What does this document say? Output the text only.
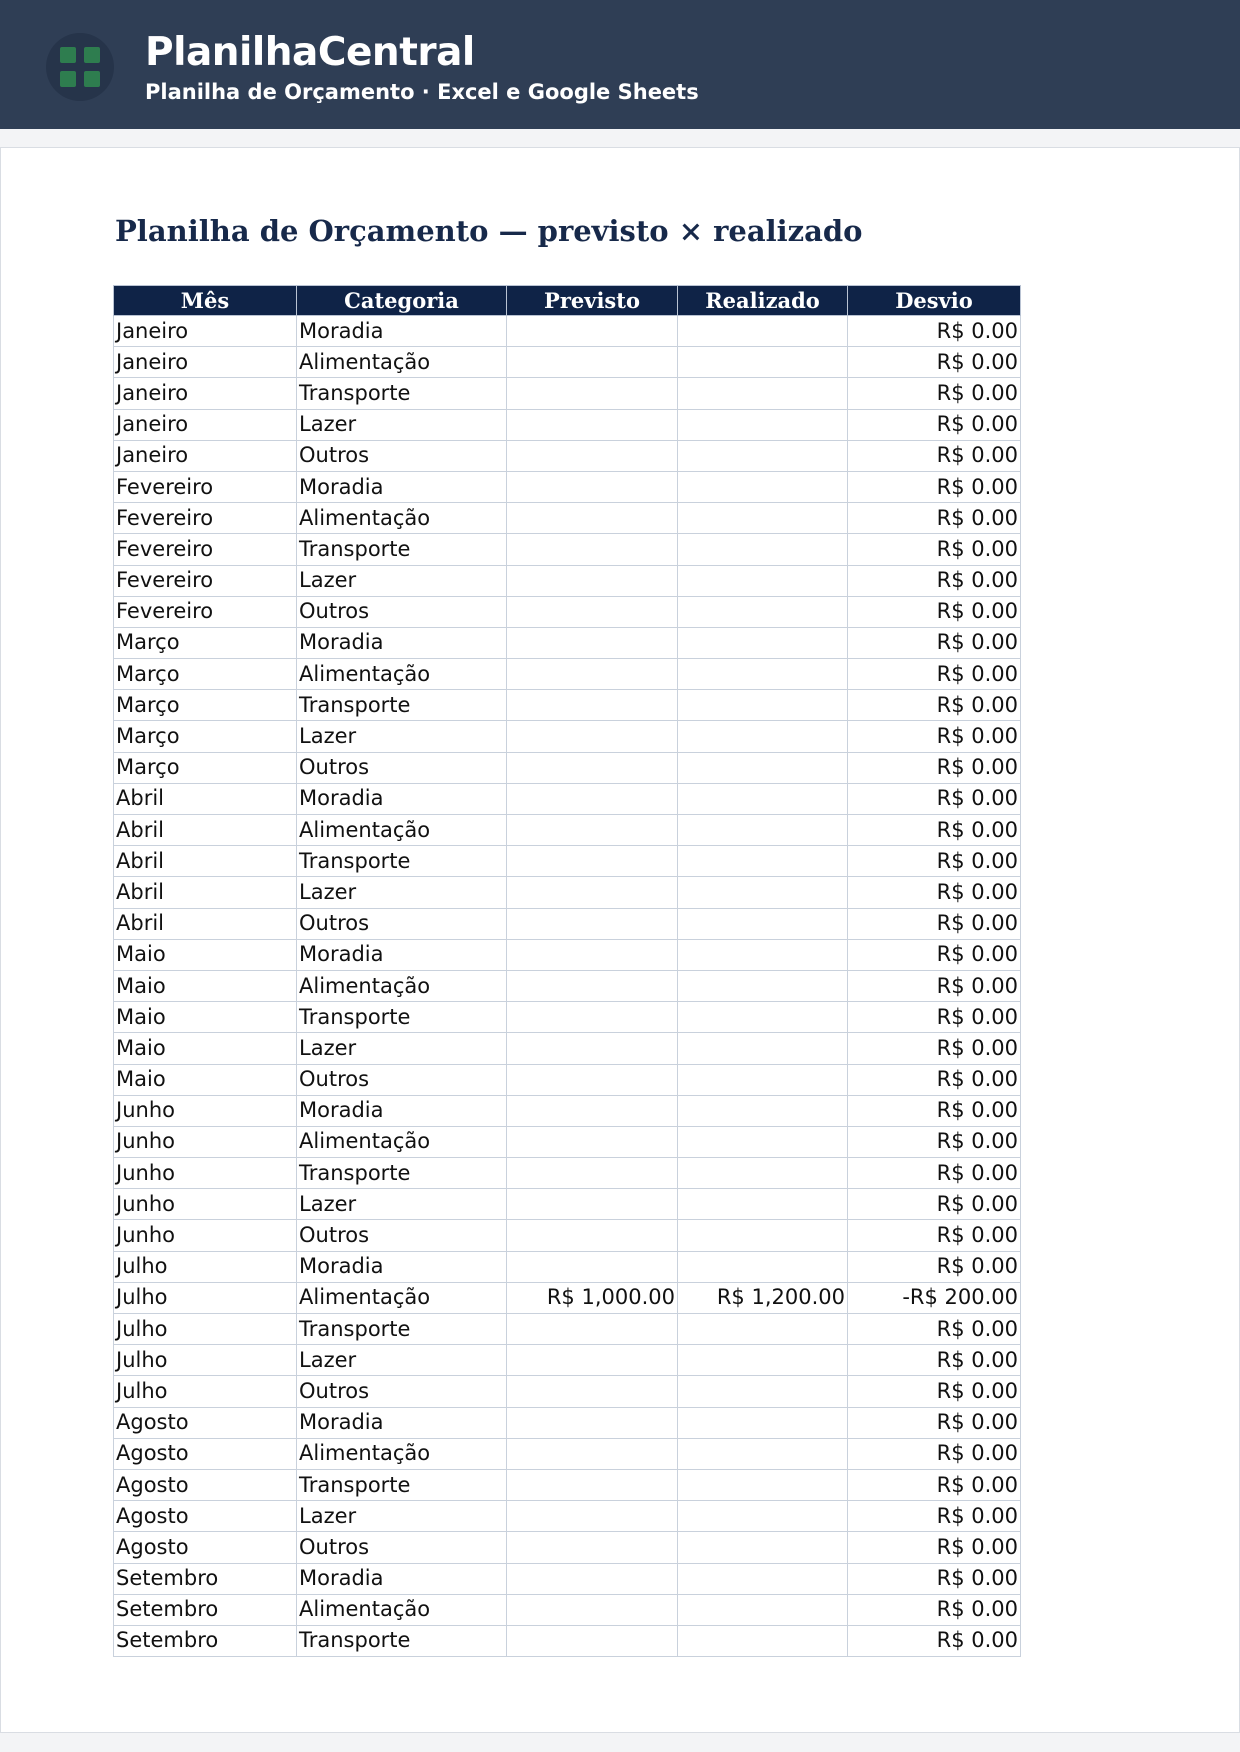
PlanilhaCentral
Planilha de Orçamento · Excel e Google Sheets
Planilha de Orçamento — previsto × realizado
Mês	Categoria	Previsto	Realizado	Desvio
Janeiro	Moradia			R$ 0.00
Janeiro	Alimentação			R$ 0.00
Janeiro	Transporte			R$ 0.00
Janeiro	Lazer			R$ 0.00
Janeiro	Outros			R$ 0.00
Fevereiro	Moradia			R$ 0.00
Fevereiro	Alimentação			R$ 0.00
Fevereiro	Transporte			R$ 0.00
Fevereiro	Lazer			R$ 0.00
Fevereiro	Outros			R$ 0.00
Março	Moradia			R$ 0.00
Março	Alimentação			R$ 0.00
Março	Transporte			R$ 0.00
Março	Lazer			R$ 0.00
Março	Outros			R$ 0.00
Abril	Moradia			R$ 0.00
Abril	Alimentação			R$ 0.00
Abril	Transporte			R$ 0.00
Abril	Lazer			R$ 0.00
Abril	Outros			R$ 0.00
Maio	Moradia			R$ 0.00
Maio	Alimentação			R$ 0.00
Maio	Transporte			R$ 0.00
Maio	Lazer			R$ 0.00
Maio	Outros			R$ 0.00
Junho	Moradia			R$ 0.00
Junho	Alimentação			R$ 0.00
Junho	Transporte			R$ 0.00
Junho	Lazer			R$ 0.00
Junho	Outros			R$ 0.00
Julho	Moradia			R$ 0.00
Julho	Alimentação	R$ 1,000.00	R$ 1,200.00	-R$ 200.00
Julho	Transporte			R$ 0.00
Julho	Lazer			R$ 0.00
Julho	Outros			R$ 0.00
Agosto	Moradia			R$ 0.00
Agosto	Alimentação			R$ 0.00
Agosto	Transporte			R$ 0.00
Agosto	Lazer			R$ 0.00
Agosto	Outros			R$ 0.00
Setembro	Moradia			R$ 0.00
Setembro	Alimentação			R$ 0.00
Setembro	Transporte			R$ 0.00
